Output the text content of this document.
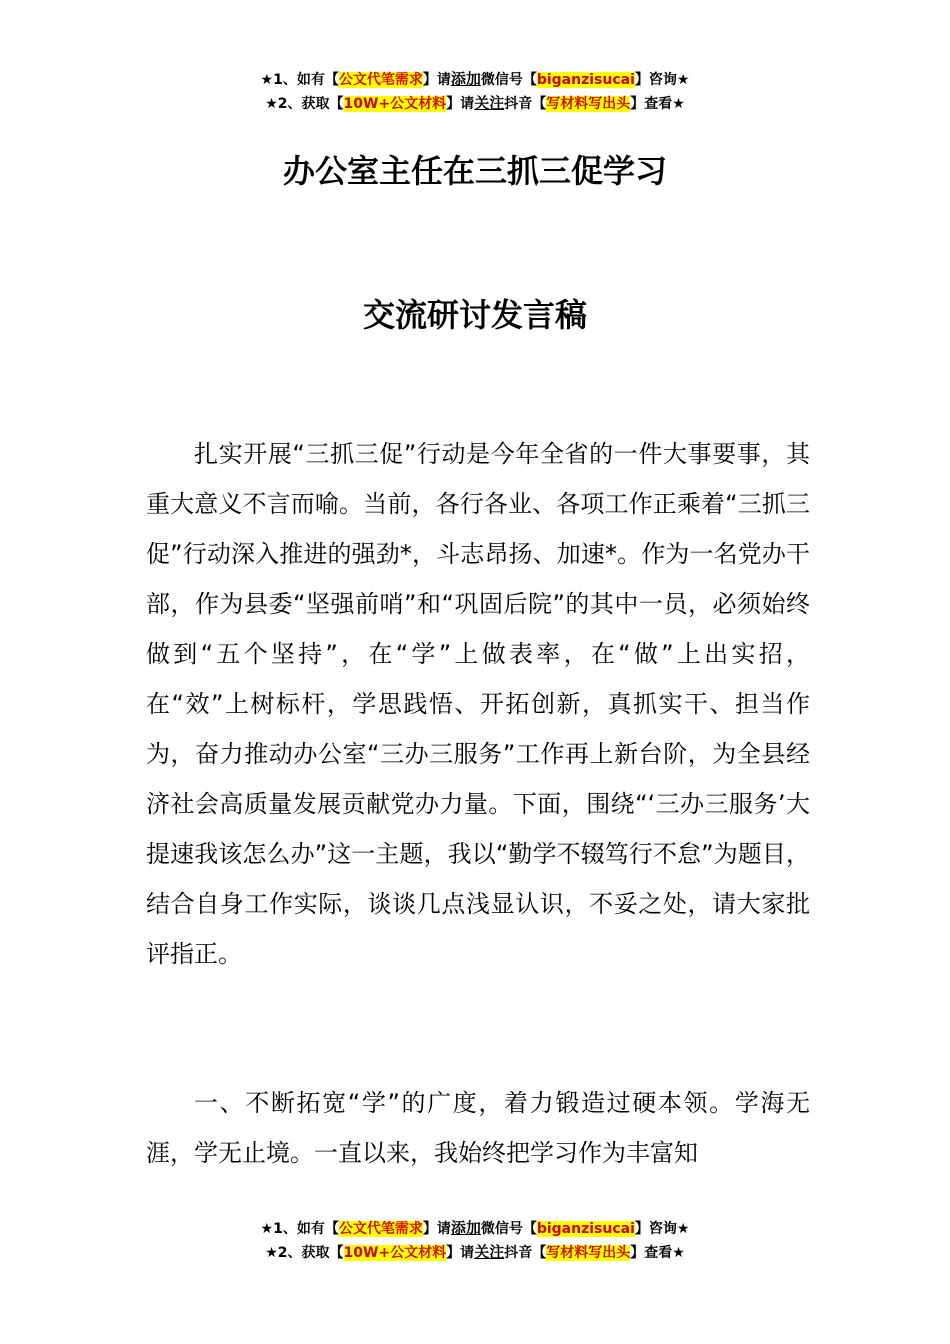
★1、如有【公文代笔需求】请添加微信号【biganzisucai】咨询★
★2、获取【10W+公文材料】请关注抖音【写材料写出头】查看★
办公室主任在三抓三促学习
交流研讨发言稿

扎实开展“三抓三促”行动是今年全省的一件大事要事，其重大意义不言而喻。当前，各行各业、各项工作正乘着“三抓三促”行动深入推进的强劲*，斗志昂扬、加速*。作为一名党办干部，作为县委“坚强前哨”和“巩固后院”的其中一员，必须始终做到“五个坚持”，在“学”上做表率，在“做”上出实招，在“效”上树标杆，学思践悟、开拓创新，真抓实干、担当作为，奋力推动办公室“三办三服务”工作再上新台阶，为全县经济社会高质量发展贡献党办力量。下面，围绕“‘三办三服务’大提速我该怎么办”这一主题，我以“勤学不辍笃行不怠”为题目，结合自身工作实际，谈谈几点浅显认识，不妥之处，请大家批评指正。

一、不断拓宽“学”的广度，着力锻造过硬本领。学海无涯，学无止境。一直以来，我始终把学习作为丰富知

★1、如有【公文代笔需求】请添加微信号【biganzisucai】咨询★
★2、获取【10W+公文材料】请关注抖音【写材料写出头】查看★
